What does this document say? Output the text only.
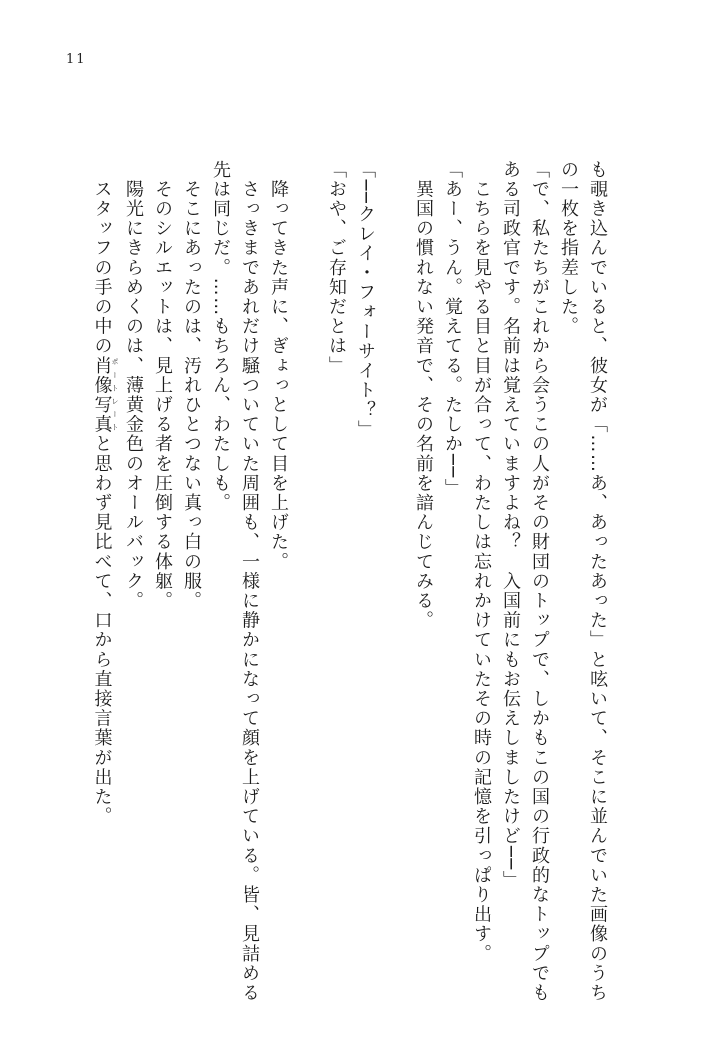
11
も覗き込んでいると、彼女が「……あ、あったあった」と呟いて、そこに並んでいた画像のうち
の一枚を指差した。
「で、私たちがこれから会うこの人がその財団のトップで、しかもこの国の行政的なトップでも
ある司政官です。名前は覚えていますよね？　入国前にもお伝えしましたけど──」
　こちらを見やる目と目が合って、わたしは忘れかけていたその時の記憶を引っぱり出す。
「あー、うん。覚えてる。たしか──」
　異国の慣れない発音で、その名前を諳んじてみる。
「──クレイ・フォーサイト？」
「おや、ご存知だとは」
　降ってきた声に、ぎょっとして目を上げた。
　さっきまであれだけ騒ついていた周囲も、一様に静かになって顔を上げている。皆、見詰める
先は同じだ。……もちろん、わたしも。
　そこにあったのは、汚れひとつない真っ白の服。
　そのシルエットは、見上げる者を圧倒する体躯。
　陽光にきらめくのは、薄黄金色のオールバック。
　スタッフの手の中の肖像写真ポートレートと思わず見比べて、口から直接言葉が出た。
